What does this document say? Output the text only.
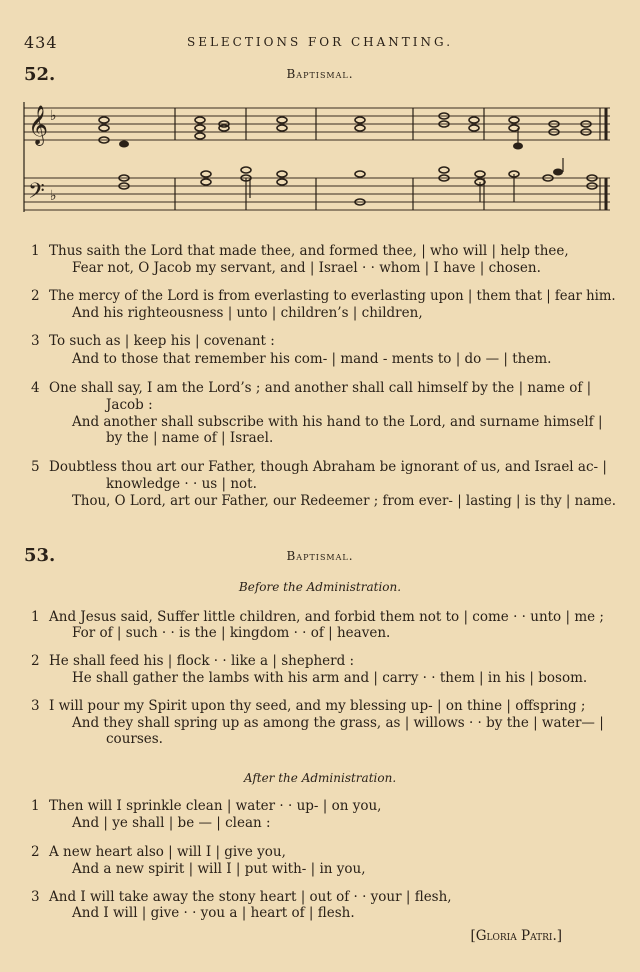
434	SELECTIONS FOR CHANTING.
52.	Baptismal.
𝄞 ♭
𝄢 ♭
1 Thus saith the Lord that made thee, and formed thee, | who will | help thee,
Fear not, O Jacob my servant, and | Israel · · whom | I have | chosen.
2 The mercy of the Lord is from everlasting to everlasting upon | them that | fear him.
And his righteousness | unto | children’s | children,
3 To such as | keep his | covenant :
And to those that remember his com- | mand - ments to | do — | them.
4 One shall say, I am the Lord’s ; and another shall call himself by the | name of |
Jacob :
And another shall subscribe with his hand to the Lord, and surname himself |
by the | name of | Israel.
5 Doubtless thou art our Father, though Abraham be ignorant of us, and Israel ac- |
knowledge · · us | not.
Thou, O Lord, art our Father, our Redeemer ; from ever- | lasting | is thy | name.
53.	Baptismal.
Before the Administration.
1 And Jesus said, Suffer little children, and forbid them not to | come · · unto | me ;
For of | such · · is the | kingdom · · of | heaven.
2 He shall feed his | flock · · like a | shepherd :
He shall gather the lambs with his arm and | carry · · them | in his | bosom.
3 I will pour my Spirit upon thy seed, and my blessing up- | on thine | offspring ;
And they shall spring up as among the grass, as | willows · · by the | water— |
courses.
After the Administration.
1 Then will I sprinkle clean | water · · up- | on you,
And | ye shall | be — | clean :
2 A new heart also | will I | give you,
And a new spirit | will I | put with- | in you,
3 And I will take away the stony heart | out of · · your | flesh,
And I will | give · · you a | heart of | flesh.
[Gloria Patri.]
